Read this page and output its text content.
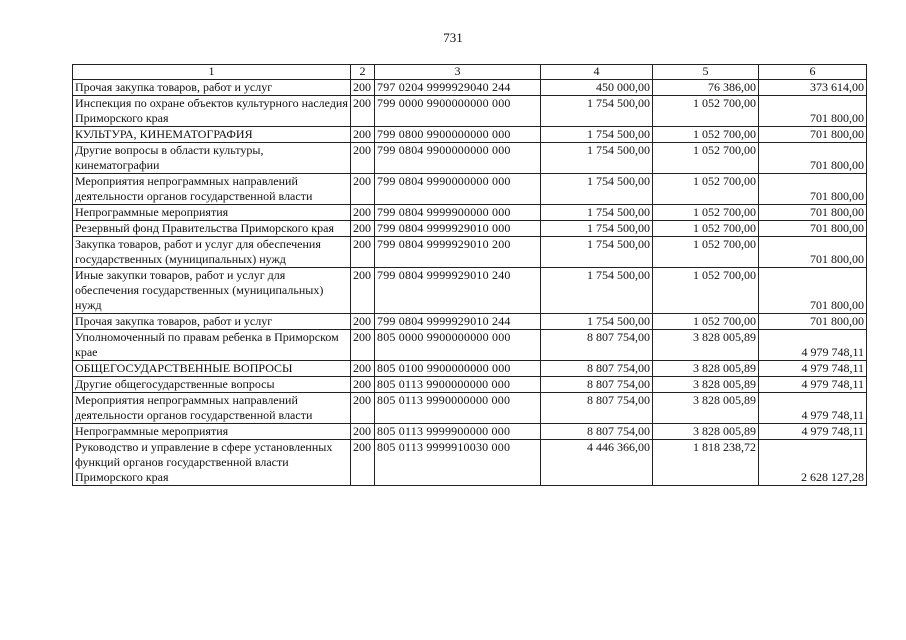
731
1	2	3	4	5	6
Прочая закупка товаров, работ и услуг	200	797 0204 9999929040 244	450 000,00	76 386,00	373 614,00
Инспекция по охране объектов культурного наследия Приморского края	200	799 0000 9900000000 000	1 754 500,00	1 052 700,00	701 800,00
КУЛЬТУРА, КИНЕМАТОГРАФИЯ	200	799 0800 9900000000 000	1 754 500,00	1 052 700,00	701 800,00
Другие вопросы в области культуры, кинематографии	200	799 0804 9900000000 000	1 754 500,00	1 052 700,00	701 800,00
Мероприятия непрограммных направлений деятельности органов государственной власти	200	799 0804 9990000000 000	1 754 500,00	1 052 700,00	701 800,00
Непрограммные мероприятия	200	799 0804 9999900000 000	1 754 500,00	1 052 700,00	701 800,00
Резервный фонд Правительства Приморского края	200	799 0804 9999929010 000	1 754 500,00	1 052 700,00	701 800,00
Закупка товаров, работ и услуг для обеспечения государственных (муниципальных) нужд	200	799 0804 9999929010 200	1 754 500,00	1 052 700,00	701 800,00
Иные закупки товаров, работ и услуг для обеспечения государственных (муниципальных) нужд	200	799 0804 9999929010 240	1 754 500,00	1 052 700,00	701 800,00
Прочая закупка товаров, работ и услуг	200	799 0804 9999929010 244	1 754 500,00	1 052 700,00	701 800,00
Уполномоченный по правам ребенка в Приморском крае	200	805 0000 9900000000 000	8 807 754,00	3 828 005,89	4 979 748,11
ОБЩЕГОСУДАРСТВЕННЫЕ ВОПРОСЫ	200	805 0100 9900000000 000	8 807 754,00	3 828 005,89	4 979 748,11
Другие общегосударственные вопросы	200	805 0113 9900000000 000	8 807 754,00	3 828 005,89	4 979 748,11
Мероприятия непрограммных направлений деятельности органов государственной власти	200	805 0113 9990000000 000	8 807 754,00	3 828 005,89	4 979 748,11
Непрограммные мероприятия	200	805 0113 9999900000 000	8 807 754,00	3 828 005,89	4 979 748,11
Руководство и управление в сфере установленных функций органов государственной власти Приморского края	200	805 0113 9999910030 000	4 446 366,00	1 818 238,72	2 628 127,28
